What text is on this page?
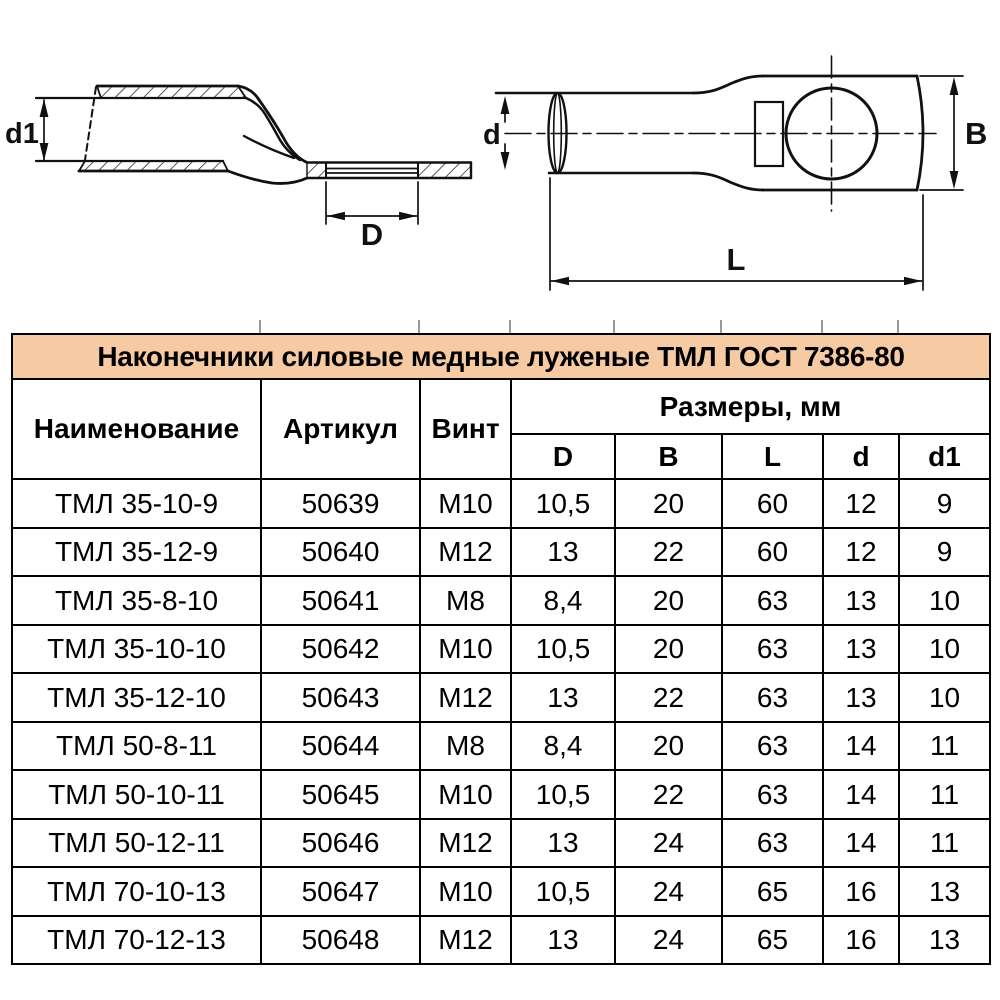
D
d1	d	B
L
Наконечники силовые медные луженые ТМЛ ГОСТ 7386-80							
Наименование	Артикул	Винт	Размеры, мм				
			D	B	L	d	d1
ТМЛ 35-10-9	50639	М10	10,5	20	60	12	9
ТМЛ 35-12-9	50640	М12	13	22	60	12	9
ТМЛ 35-8-10	50641	М8	8,4	20	63	13	10
ТМЛ 35-10-10	50642	М10	10,5	20	63	13	10
ТМЛ 35-12-10	50643	М12	13	22	63	13	10
ТМЛ 50-8-11	50644	М8	8,4	20	63	14	11
ТМЛ 50-10-11	50645	М10	10,5	22	63	14	11
ТМЛ 50-12-11	50646	М12	13	24	63	14	11
ТМЛ 70-10-13	50647	М10	10,5	24	65	16	13
ТМЛ 70-12-13	50648	М12	13	24	65	16	13
